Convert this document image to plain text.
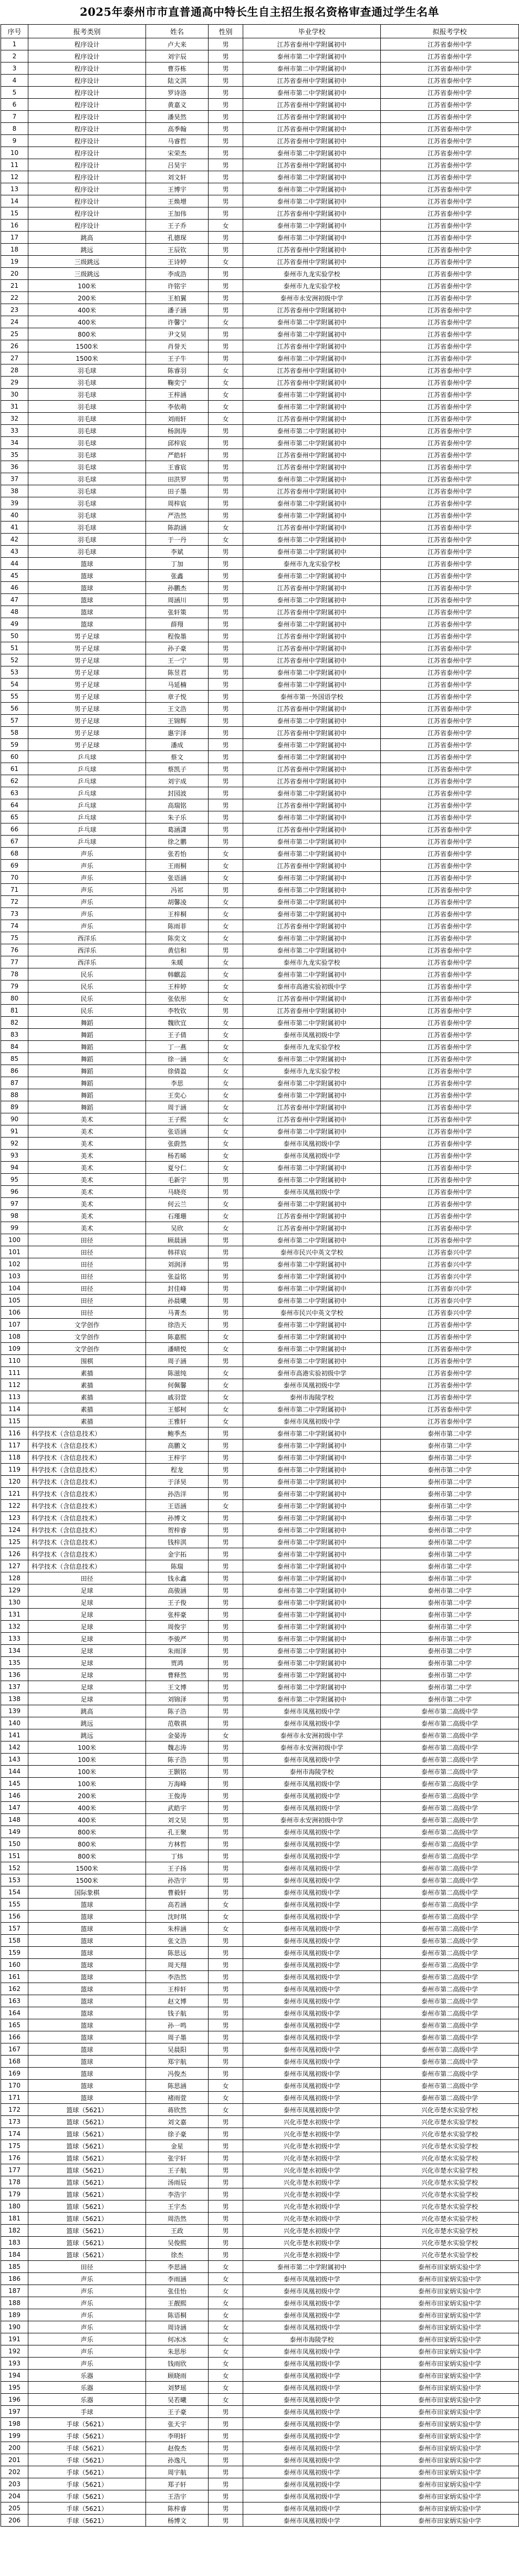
2025年泰州市市直普通高中特长生自主招生报名资格审查通过学生名单
序号	报考类别	姓名	性别	毕业学校	拟报考学校
1	程序设计	卢大来	男	江苏省泰州中学附属初中	江苏省泰州中学
2	程序设计	刘宇辰	男	泰州市第二中学附属初中	江苏省泰州中学
3	程序设计	曹芬栋	男	泰州市第二中学附属初中	江苏省泰州中学
4	程序设计	陆文淇	男	江苏省泰州中学附属初中	江苏省泰州中学
5	程序设计	罗诗洛	男	泰州市第二中学附属初中	江苏省泰州中学
6	程序设计	黄嘉义	男	江苏省泰州中学附属初中	江苏省泰州中学
7	程序设计	潘昊然	男	江苏省泰州中学附属初中	江苏省泰州中学
8	程序设计	高季翰	男	江苏省泰州中学附属初中	江苏省泰州中学
9	程序设计	马睿哲	男	江苏省泰州中学附属初中	江苏省泰州中学
10	程序设计	宋荣杰	男	泰州市第二中学附属初中	江苏省泰州中学
11	程序设计	吕昊宇	男	江苏省泰州中学附属初中	江苏省泰州中学
12	程序设计	刘文轩	男	泰州市第二中学附属初中	江苏省泰州中学
13	程序设计	王博宇	男	泰州市第二中学附属初中	江苏省泰州中学
14	程序设计	王焕增	男	泰州市第二中学附属初中	江苏省泰州中学
15	程序设计	王加伟	男	江苏省泰州中学附属初中	江苏省泰州中学
16	程序设计	王子乔	女	泰州市第二中学附属初中	江苏省泰州中学
17	跳高	孔德琛	男	泰州市第二中学附属初中	江苏省泰州中学
18	跳远	王辰钦	男	江苏省泰州中学附属初中	江苏省泰州中学
19	三级跳远	王诗婷	女	江苏省泰州中学附属初中	江苏省泰州中学
20	三级跳远	李成浩	男	泰州市九龙实验学校	江苏省泰州中学
21	100米	许铭宇	男	泰州市九龙实验学校	江苏省泰州中学
22	200米	王柏翼	男	泰州市永安洲初级中学	江苏省泰州中学
23	400米	潘子涵	男	江苏省泰州中学附属初中	江苏省泰州中学
24	400米	许馨宁	女	泰州市第二中学附属初中	江苏省泰州中学
25	800米	尹文昊	男	泰州市第二中学附属初中	江苏省泰州中学
26	1500米	肖誉天	男	江苏省泰州中学附属初中	江苏省泰州中学
27	1500米	王子牛	男	泰州市第二中学附属初中	江苏省泰州中学
28	羽毛球	陈睿羽	女	江苏省泰州中学附属初中	江苏省泰州中学
29	羽毛球	鞠奕宁	女	江苏省泰州中学附属初中	江苏省泰州中学
30	羽毛球	王梓涵	女	泰州市第二中学附属初中	江苏省泰州中学
31	羽毛球	李依萌	女	泰州市第二中学附属初中	江苏省泰州中学
32	羽毛球	刘雨轩	女	江苏省泰州中学附属初中	江苏省泰州中学
33	羽毛球	杨润涛	男	泰州市第二中学附属初中	江苏省泰州中学
34	羽毛球	邱梓宸	男	泰州市第二中学附属初中	江苏省泰州中学
35	羽毛球	严皓轩	男	江苏省泰州中学附属初中	江苏省泰州中学
36	羽毛球	王睿宸	男	江苏省泰州中学附属初中	江苏省泰州中学
37	羽毛球	田洪罗	男	泰州市第二中学附属初中	江苏省泰州中学
38	羽毛球	田子墨	男	江苏省泰州中学附属初中	江苏省泰州中学
39	羽毛球	周梓宸	男	泰州市第二中学附属初中	江苏省泰州中学
40	羽毛球	严浩然	男	泰州市第二中学附属初中	江苏省泰州中学
41	羽毛球	陈韵涵	女	江苏省泰州中学附属初中	江苏省泰州中学
42	羽毛球	于一丹	女	泰州市第二中学附属初中	江苏省泰州中学
43	羽毛球	李斌	男	泰州市第二中学附属初中	江苏省泰州中学
44	篮球	丁加	男	泰州市九龙实验学校	江苏省泰州中学
45	篮球	张鑫	男	泰州市第二中学附属初中	江苏省泰州中学
46	篮球	孙鹏杰	男	江苏省泰州中学附属初中	江苏省泰州中学
47	篮球	周涵川	男	泰州市第二中学附属初中	江苏省泰州中学
48	篮球	张轩策	男	江苏省泰州中学附属初中	江苏省泰州中学
49	篮球	薛翔	男	泰州市第二中学附属初中	江苏省泰州中学
50	男子足球	程俊墨	男	江苏省泰州中学附属初中	江苏省泰州中学
51	男子足球	孙子豪	男	江苏省泰州中学附属初中	江苏省泰州中学
52	男子足球	王一宁	男	江苏省泰州中学附属初中	江苏省泰州中学
53	男子足球	陈昱君	男	泰州市第二中学附属初中	江苏省泰州中学
54	男子足球	马延楠	男	泰州市第二中学附属初中	江苏省泰州中学
55	男子足球	章子悦	男	泰州市第一外国语学校	江苏省泰州中学
56	男子足球	王文浩	男	江苏省泰州中学附属初中	江苏省泰州中学
57	男子足球	王锦辉	男	泰州市第二中学附属初中	江苏省泰州中学
58	男子足球	惠宇泽	男	江苏省泰州中学附属初中	江苏省泰州中学
59	男子足球	潘成	男	泰州市第二中学附属初中	江苏省泰州中学
60	乒乓球	蔡文	男	泰州市第二中学附属初中	江苏省泰州中学
61	乒乓球	蔡凯子	男	江苏省泰州中学附属初中	江苏省泰州中学
62	乒乓球	刘宇成	男	江苏省泰州中学附属初中	江苏省泰州中学
63	乒乓球	封园波	男	泰州市第二中学附属初中	江苏省泰州中学
64	乒乓球	高瑞铭	男	江苏省泰州中学附属初中	江苏省泰州中学
65	乒乓球	朱子乐	男	泰州市第二中学附属初中	江苏省泰州中学
66	乒乓球	葛涵潇	男	江苏省泰州中学附属初中	江苏省泰州中学
67	乒乓球	徐之鹏	男	泰州市第二中学附属初中	江苏省泰州中学
68	声乐	张若怡	女	泰州市第二中学附属初中	江苏省泰州中学
69	声乐	王雨桐	女	江苏省泰州中学附属初中	江苏省泰州中学
70	声乐	张语涵	女	泰州市第二中学附属初中	江苏省泰州中学
71	声乐	冯祁	男	泰州市第二中学附属初中	江苏省泰州中学
72	声乐	胡馨凌	女	泰州市第二中学附属初中	江苏省泰州中学
73	声乐	王梓桐	女	泰州市第二中学附属初中	江苏省泰州中学
74	声乐	陈雨菲	女	江苏省泰州中学附属初中	江苏省泰州中学
75	西洋乐	陈奕文	女	泰州市第二中学附属初中	江苏省泰州中学
76	西洋乐	黄信和	男	泰州市第二中学附属初中	江苏省泰州中学
77	西洋乐	朱暖	女	泰州市九龙实验学校	江苏省泰州中学
78	民乐	韩麒蕊	女	泰州市第二中学附属初中	江苏省泰州中学
79	民乐	王梓婷	女	泰州市高港实验初级中学	江苏省泰州中学
80	民乐	张依彤	女	江苏省泰州中学附属初中	江苏省泰州中学
81	民乐	李牧钦	男	江苏省泰州中学附属初中	江苏省泰州中学
82	舞蹈	魏欣宜	女	泰州市第二中学附属初中	江苏省泰州中学
83	舞蹈	王子倩	女	泰州市凤凰初级中学	江苏省泰州中学
84	舞蹈	丁一燕	女	泰州市九龙实验学校	江苏省泰州中学
85	舞蹈	徐一涵	女	泰州市第二中学附属初中	江苏省泰州中学
86	舞蹈	徐倩盈	女	泰州市九龙实验学校	江苏省泰州中学
87	舞蹈	李思	女	泰州市第二中学附属初中	江苏省泰州中学
88	舞蹈	王奕心	女	泰州市第二中学附属初中	江苏省泰州中学
89	舞蹈	周于涵	女	江苏省泰州中学附属初中	江苏省泰州中学
90	美术	王子熙	女	江苏省泰州中学附属初中	江苏省泰州中学
91	美术	张语涵	女	泰州市第二中学附属初中	江苏省泰州中学
92	美术	张蔚然	女	泰州市凤凰初级中学	江苏省泰州中学
93	美术	杨若晞	女	泰州市凤凰初级中学	江苏省泰州中学
94	美术	夏兮仁	女	泰州市第二中学附属初中	江苏省泰州中学
95	美术	毛新宇	男	泰州市第二中学附属初中	江苏省泰州中学
96	美术	马晓亮	男	泰州市凤凰初级中学	江苏省泰州中学
97	美术	何云兰	女	泰州市第二中学附属初中	江苏省泰州中学
98	美术	石瑾珊	女	江苏省泰州中学附属初中	江苏省泰州中学
99	美术	吴欣	女	江苏省泰州中学附属初中	江苏省泰州中学
100	田径	顾晨涵	男	泰州市第二中学附属初中	江苏省泰州中学
101	田径	韩祥宸	男	泰州市民兴中英文学校	江苏省泰兴中学
102	田径	刘润泽	男	泰州市第二中学附属初中	江苏省泰兴中学
103	田径	张益铭	男	泰州市第二中学附属初中	江苏省泰兴中学
104	田径	封佳峰	男	泰州市第二中学附属初中	江苏省泰兴中学
105	田径	孙晨曦	男	泰州市第二中学附属初中	江苏省泰兴中学
106	田径	马菁杰	男	泰州市民兴中英文学校	江苏省泰兴中学
107	文学创作	徐浩天	男	泰州市第二中学附属初中	江苏省泰州中学
108	文学创作	陈嘉熙	女	泰州市第二中学附属初中	江苏省泰州中学
109	文学创作	潘晴悦	女	泰州市第二中学附属初中	江苏省泰州中学
110	围棋	周子涵	男	泰州市第二中学附属初中	江苏省泰州中学
111	素描	陈滋纯	女	泰州市高港实验初级中学	江苏省泰州中学
112	素描	何佩馨	女	泰州市凤凰初级中学	江苏省泰州中学
113	素描	戚羽萱	女	泰州市海陵学校	江苏省泰州中学
114	素描	王郁柯	女	泰州市第二中学附属初中	江苏省泰州中学
115	素描	王雅轩	女	泰州市凤凰初级中学	江苏省泰州中学
116	科学技术（含信息技术）	鲍季杰	男	泰州市第二中学附属初中	泰州市第二中学
117	科学技术（含信息技术）	高鹏文	男	泰州市第二中学附属初中	泰州市第二中学
118	科学技术（含信息技术）	王梓宇	男	泰州市第二中学附属初中	泰州市第二中学
119	科学技术（含信息技术）	程龙	男	泰州市第二中学附属初中	泰州市第二中学
120	科学技术（含信息技术）	于泽昊	男	泰州市第二中学附属初中	泰州市第二中学
121	科学技术（含信息技术）	孙浩洋	男	泰州市第二中学附属初中	泰州市第二中学
122	科学技术（含信息技术）	王语涵	女	泰州市第二中学附属初中	泰州市第二中学
123	科学技术（含信息技术）	孙博文	男	泰州市第二中学附属初中	泰州市第二中学
124	科学技术（含信息技术）	贺梓睿	男	泰州市第二中学附属初中	泰州市第二中学
125	科学技术（含信息技术）	钱梓淇	男	泰州市第二中学附属初中	泰州市第二中学
126	科学技术（含信息技术）	金宇拓	男	泰州市第二中学附属初中	泰州市第二中学
127	科学技术（含信息技术）	陈瑞	男	泰州市第二中学附属初中	泰州市第二中学
128	田径	钱永鑫	男	泰州市第二中学附属初中	泰州市第二中学
129	足球	高骏涵	男	泰州市第二中学附属初中	泰州市第二中学
130	足球	王子俊	男	泰州市第二中学附属初中	泰州市第二中学
131	足球	张梓豪	男	泰州市第二中学附属初中	泰州市第二中学
132	足球	周俊宇	男	泰州市第二中学附属初中	泰州市第二中学
133	足球	李骏严	男	泰州市第二中学附属初中	泰州市第二中学
134	足球	朱雨泽	男	泰州市第二中学附属初中	泰州市第二中学
135	足球	贾鸿	男	泰州市第二中学附属初中	泰州市第二中学
136	足球	曹释然	男	泰州市第二中学附属初中	泰州市第二中学
137	足球	王文博	男	泰州市第二中学附属初中	泰州市第二中学
138	足球	刘锦泽	男	泰州市第二中学附属初中	泰州市第二中学
139	跳高	陈子浩	男	泰州市凤凰初级中学	泰州市第二高级中学
140	跳远	范敬祺	男	泰州市凤凰初级中学	泰州市第二高级中学
141	跳远	金晏涛	女	泰州市永安洲初级中学	泰州市第二高级中学
142	100米	魏志涛	男	泰州市永安洲初级中学	泰州市第二高级中学
143	100米	陈子浩	男	泰州市凤凰初级中学	泰州市第二高级中学
144	100米	王颢铭	男	泰州市海陵学校	泰州市第二高级中学
145	100米	万海峰	男	泰州市凤凰初级中学	泰州市第二高级中学
146	200米	王俊涛	男	泰州市凤凰初级中学	泰州市第二高级中学
147	400米	武皓宇	男	泰州市凤凰初级中学	泰州市第二高级中学
148	400米	刘文昊	男	泰州市永安洲初级中学	泰州市第二高级中学
149	800米	孔王聚	男	泰州市凤凰初级中学	泰州市第二高级中学
150	800米	方林哲	男	泰州市凤凰初级中学	泰州市第二高级中学
151	800米	丁炜	男	泰州市凤凰初级中学	泰州市第二高级中学
152	1500米	王子扬	男	泰州市凤凰初级中学	泰州市第二高级中学
153	1500米	孙浩宇	男	泰州市凤凰初级中学	泰州市第二高级中学
154	国际象棋	曹毅轩	男	泰州市凤凰初级中学	泰州市第二高级中学
155	篮球	高若涵	女	泰州市凤凰初级中学	泰州市第二高级中学
156	篮球	沈时琪	女	泰州市凤凰初级中学	泰州市第二高级中学
157	篮球	朱梓涵	女	泰州市凤凰初级中学	泰州市第二高级中学
158	篮球	张文浩	男	泰州市凤凰初级中学	泰州市第二高级中学
159	篮球	陈思远	男	泰州市凤凰初级中学	泰州市第二高级中学
160	篮球	周天翔	男	泰州市凤凰初级中学	泰州市第二高级中学
161	篮球	李浩然	男	泰州市凤凰初级中学	泰州市第二高级中学
162	篮球	王梓轩	男	泰州市凤凰初级中学	泰州市第二高级中学
163	篮球	赵文博	男	泰州市凤凰初级中学	泰州市第二高级中学
164	篮球	钱子航	男	泰州市凤凰初级中学	泰州市第二高级中学
165	篮球	孙一鸣	男	泰州市凤凰初级中学	泰州市第二高级中学
166	篮球	周子墨	男	泰州市凤凰初级中学	泰州市第二高级中学
167	篮球	吴晨阳	男	泰州市凤凰初级中学	泰州市第二高级中学
168	篮球	郑宇航	男	泰州市凤凰初级中学	泰州市第二高级中学
169	篮球	冯俊杰	男	泰州市凤凰初级中学	泰州市第二高级中学
170	篮球	陈思涵	女	泰州市凤凰初级中学	泰州市第二高级中学
171	篮球	褚雨萱	女	泰州市凤凰初级中学	泰州市第二高级中学
172	篮球（5621）	蒋欣然	女	泰州市凤凰初级中学	兴化市楚水实验学校
173	篮球（5621）	刘文嘉	男	兴化市楚水初级中学	兴化市楚水实验学校
174	篮球（5621）	徐子豪	男	兴化市楚水初级中学	兴化市楚水实验学校
175	篮球（5621）	金星	男	兴化市楚水初级中学	兴化市楚水实验学校
176	篮球（5621）	张宇轩	男	兴化市楚水初级中学	兴化市楚水实验学校
177	篮球（5621）	王子航	男	兴化市楚水初级中学	兴化市楚水实验学校
178	篮球（5621）	汤雨辰	男	兴化市楚水初级中学	兴化市楚水实验学校
179	篮球（5621）	李浩宇	男	兴化市楚水初级中学	兴化市楚水实验学校
180	篮球（5621）	王宇杰	男	兴化市楚水初级中学	兴化市楚水实验学校
181	篮球（5621）	周浩然	男	兴化市楚水初级中学	兴化市楚水实验学校
182	篮球（5621）	王政	男	兴化市楚水初级中学	兴化市楚水实验学校
183	篮球（5621）	吴俊熙	男	兴化市楚水初级中学	兴化市楚水实验学校
184	篮球（5621）	徐杰	男	兴化市楚水初级中学	兴化市楚水实验学校
185	田径	李思涵	女	泰州市第二中学附属初中	泰州市田家炳实验中学
186	声乐	李雨涵	女	泰州市凤凰初级中学	泰州市田家炳实验中学
187	声乐	张佳怡	女	泰州市凤凰初级中学	泰州市田家炳实验中学
188	声乐	王靓熙	女	泰州市凤凰初级中学	泰州市田家炳实验中学
189	声乐	陈语桐	女	泰州市凤凰初级中学	泰州市田家炳实验中学
190	声乐	周诗涵	女	泰州市凤凰初级中学	泰州市田家炳实验中学
191	声乐	何冰冰	女	泰州市海陵学校	泰州市田家炳实验中学
192	声乐	朱思彤	女	泰州市凤凰初级中学	泰州市田家炳实验中学
193	声乐	钱雨欣	女	泰州市凤凰初级中学	泰州市田家炳实验中学
194	乐器	顾晓雨	女	泰州市凤凰初级中学	泰州市田家炳实验中学
195	乐器	刘梦瑶	女	泰州市凤凰初级中学	泰州市田家炳实验中学
196	乐器	吴若曦	女	泰州市凤凰初级中学	泰州市田家炳实验中学
197	手球	王子豪	男	泰州市凤凰初级中学	泰州市田家炳实验中学
198	手球（5621）	张天宇	男	泰州市凤凰初级中学	泰州市田家炳实验中学
199	手球（5621）	李明轩	男	泰州市凤凰初级中学	泰州市田家炳实验中学
200	手球（5621）	赵俊杰	男	泰州市凤凰初级中学	泰州市田家炳实验中学
201	手球（5621）	孙逸凡	男	泰州市凤凰初级中学	泰州市田家炳实验中学
202	手球（5621）	周宇航	男	泰州市凤凰初级中学	泰州市田家炳实验中学
203	手球（5621）	郑子轩	男	泰州市凤凰初级中学	泰州市田家炳实验中学
204	手球（5621）	王浩宇	男	泰州市凤凰初级中学	泰州市田家炳实验中学
205	手球（5621）	陈梓睿	男	泰州市凤凰初级中学	泰州市田家炳实验中学
206	手球（5621）	杨博文	男	泰州市凤凰初级中学	泰州市田家炳实验中学
